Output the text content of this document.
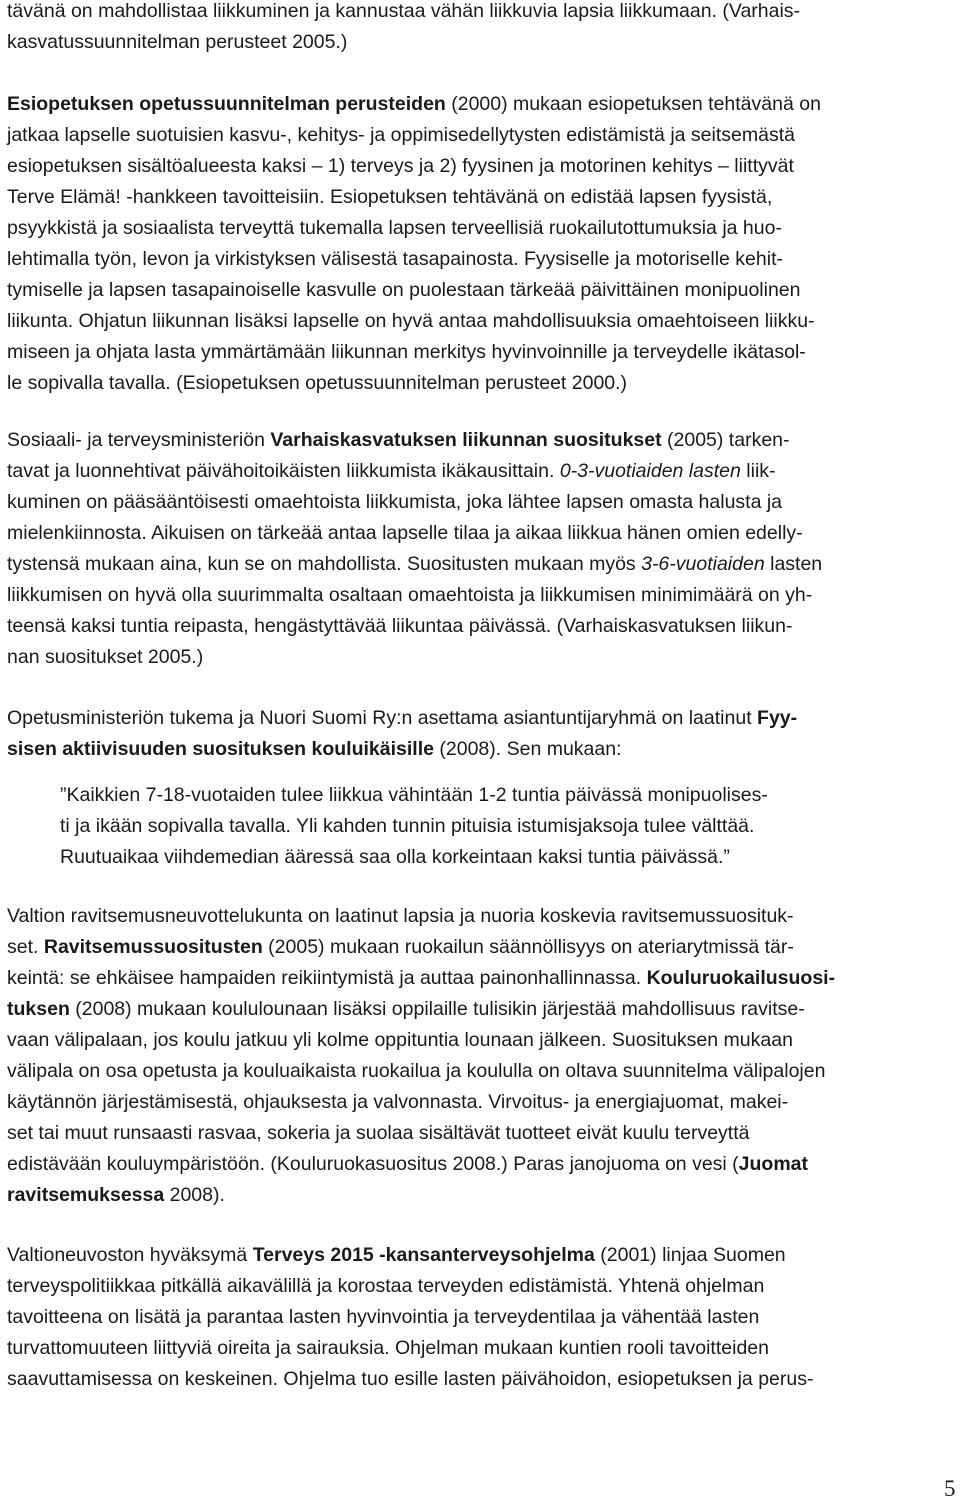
tävänä on mahdollistaa liikkuminen ja kannustaa vähän liikkuvia lapsia liikkumaan. (Varhais-
kasvatussuunnitelman perusteet 2005.)
Esiopetuksen opetussuunnitelman perusteiden (2000) mukaan esiopetuksen tehtävänä on
jatkaa lapselle suotuisien kasvu-, kehitys- ja oppimisedellytysten edistämistä ja seitsemästä
esiopetuksen sisältöalueesta kaksi – 1) terveys ja 2) fyysinen ja motorinen kehitys – liittyvät
Terve Elämä! -hankkeen tavoitteisiin. Esiopetuksen tehtävänä on edistää lapsen fyysistä,
psyykkistä ja sosiaalista terveyttä tukemalla lapsen terveellisiä ruokailutottumuksia ja huo-
lehtimalla työn, levon ja virkistyksen välisestä tasapainosta. Fyysiselle ja motoriselle kehit-
tymiselle ja lapsen tasapainoiselle kasvulle on puolestaan tärkeää päivittäinen monipuolinen
liikunta. Ohjatun liikunnan lisäksi lapselle on hyvä antaa mahdollisuuksia omaehtoiseen liikku-
miseen ja ohjata lasta ymmärtämään liikunnan merkitys hyvinvoinnille ja terveydelle ikätasol-
le sopivalla tavalla. (Esiopetuksen opetussuunnitelman perusteet 2000.)
Sosiaali- ja terveysministeriön Varhaiskasvatuksen liikunnan suositukset (2005) tarken-
tavat ja luonnehtivat päivähoitoikäisten liikkumista ikäkausittain. 0-3-vuotiaiden lasten liik-
kuminen on pääsääntöisesti omaehtoista liikkumista, joka lähtee lapsen omasta halusta ja
mielenkiinnosta. Aikuisen on tärkeää antaa lapselle tilaa ja aikaa liikkua hänen omien edelly-
tystensä mukaan aina, kun se on mahdollista. Suositusten mukaan myös 3-6-vuotiaiden lasten
liikkumisen on hyvä olla suurimmalta osaltaan omaehtoista ja liikkumisen minimimäärä on yh-
teensä kaksi tuntia reipasta, hengästyttävää liikuntaa päivässä. (Varhaiskasvatuksen liikun-
nan suositukset 2005.)
Opetusministeriön tukema ja Nuori Suomi Ry:n asettama asiantuntijaryhmä on laatinut Fyy-
sisen aktiivisuuden suosituksen kouluikäisille (2008). Sen mukaan:
”Kaikkien 7-18-vuotaiden tulee liikkua vähintään 1-2 tuntia päivässä monipuolises-
ti ja ikään sopivalla tavalla. Yli kahden tunnin pituisia istumisjaksoja tulee välttää.
Ruutuaikaa viihdemedian ääressä saa olla korkeintaan kaksi tuntia päivässä.”
Valtion ravitsemusneuvottelukunta on laatinut lapsia ja nuoria koskevia ravitsemussuosituk-
set. Ravitsemussuositusten (2005) mukaan ruokailun säännöllisyys on ateriarytmissä tär-
keintä: se ehkäisee hampaiden reikiintymistä ja auttaa painonhallinnassa. Kouluruokailusuosi-
tuksen (2008) mukaan koululounaan lisäksi oppilaille tulisikin järjestää mahdollisuus ravitse-
vaan välipalaan, jos koulu jatkuu yli kolme oppituntia lounaan jälkeen. Suosituksen mukaan
välipala on osa opetusta ja kouluaikaista ruokailua ja koululla on oltava suunnitelma välipalojen
käytännön järjestämisestä, ohjauksesta ja valvonnasta. Virvoitus- ja energiajuomat, makei-
set tai muut runsaasti rasvaa, sokeria ja suolaa sisältävät tuotteet eivät kuulu terveyttä
edistävään kouluympäristöön. (Kouluruokasuositus 2008.) Paras janojuoma on vesi (Juomat
ravitsemuksessa 2008).
Valtioneuvoston hyväksymä Terveys 2015 -kansanterveysohjelma (2001) linjaa Suomen
terveyspolitiikkaa pitkällä aikavälillä ja korostaa terveyden edistämistä. Yhtenä ohjelman
tavoitteena on lisätä ja parantaa lasten hyvinvointia ja terveydentilaa ja vähentää lasten
turvattomuuteen liittyviä oireita ja sairauksia. Ohjelman mukaan kuntien rooli tavoitteiden
saavuttamisessa on keskeinen. Ohjelma tuo esille lasten päivähoidon, esiopetuksen ja perus-
5
